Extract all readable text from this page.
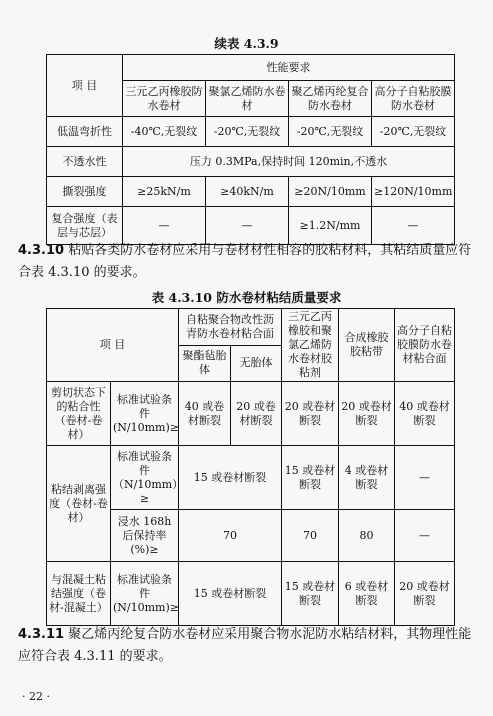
续表 4.3.9
项 目	性能要求			
	三元乙丙橡胶防水卷材	聚氯乙烯防水卷材	聚乙烯丙纶复合防水卷材	高分子自粘胶膜防水卷材
低温弯折性	-40℃,无裂纹	-20℃,无裂纹	-20℃,无裂纹	-20℃,无裂纹
不透水性	压力 0.3MPa,保持时间 120min,不透水			
撕裂强度	≥25kN/m	≥40kN/m	≥20N/10mm	≥120N/10mm
复合强度（表层与芯层）	—	—	≥1.2N/mm	—
4.3.10 粘贴各类防水卷材应采用与卷材材性相容的胶粘材料，其粘结质量应符合表 4.3.10 的要求。
表 4.3.10 防水卷材粘结质量要求
项 目		自粘聚合物改性沥青防水卷材粘合面		三元乙丙橡胶和聚氯乙烯防水卷材胶粘剂	合成橡胶胶粘带	高分子自粘胶膜防水卷材粘合面
		聚酯毡胎体	无胎体			
剪切状态下的粘合性（卷材-卷材）	标准试验条件(N/10mm)≥	40 或卷材断裂	20 或卷材断裂	20 或卷材断裂	20 或卷材断裂	40 或卷材断裂
粘结剥离强度（卷材-卷材）	标准试验条件（N/10mm）≥	15 或卷材断裂		15 或卷材断裂	4 或卷材断裂	—
	浸水 168h 后保持率(%)≥	70		70	80	—
与混凝土粘结强度（卷材-混凝土）	标准试验条件(N/10mm)≥	15 或卷材断裂		15 或卷材断裂	6 或卷材断裂	20 或卷材断裂
4.3.11 聚乙烯丙纶复合防水卷材应采用聚合物水泥防水粘结材料，其物理性能应符合表 4.3.11 的要求。
· 22 ·
